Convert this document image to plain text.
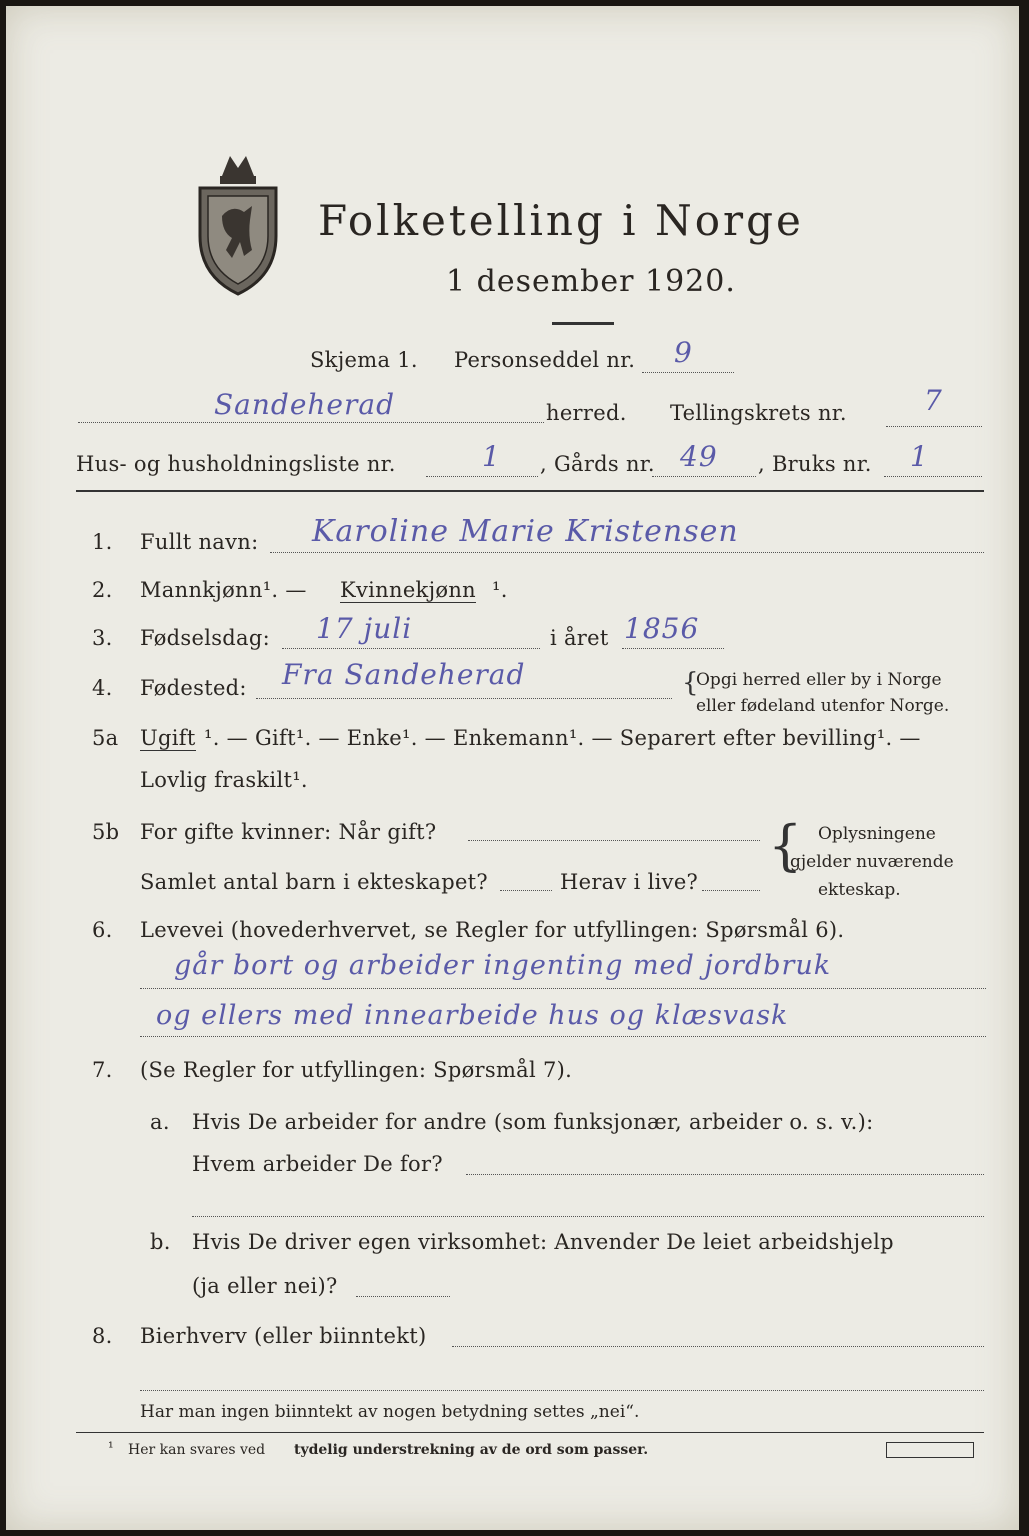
Folketelling i Norge
1 desember 1920.
Skjema 1. Personseddel nr. 9
Sandeherad	herred. Tellingskrets nr.	7
Hus- og husholdningsliste nr.	1 , Gårds nr. 49 , Bruks nr. 1
1. Fullt navn: Karoline Marie Kristensen
2. Mannkjønn¹. — Kvinnekjønn ¹.
3. Fødselsdag: 17 juli	i året 1856
4. Fødested: Fra Sandeherad	{
Opgi herred eller by i Norge
eller fødeland utenfor Norge.
5a Ugift ¹. — Gift¹. — Enke¹. — Enkemann¹. — Separert efter bevilling¹. —
Lovlig fraskilt¹.
5b For gifte kvinner: Når gift?
Samlet antal barn i ekteskapet?	Herav i live?
{ Oplysningene
gjelder nuværende
ekteskap.
6. Levevei (hovederhvervet, se Regler for utfyllingen: Spørsmål 6).
går bort og arbeider ingenting med jordbruk
og ellers med innearbeide hus og klæsvask
7. (Se Regler for utfyllingen: Spørsmål 7).
a. Hvis De arbeider for andre (som funksjonær, arbeider o. s. v.):
Hvem arbeider De for?
b. Hvis De driver egen virksomhet: Anvender De leiet arbeidshjelp
(ja eller nei)?
8. Bierhverv (eller biinntekt)
Har man ingen biinntekt av nogen betydning settes „nei“.
¹ Her kan svares ved tydelig understrekning av de ord som passer.
